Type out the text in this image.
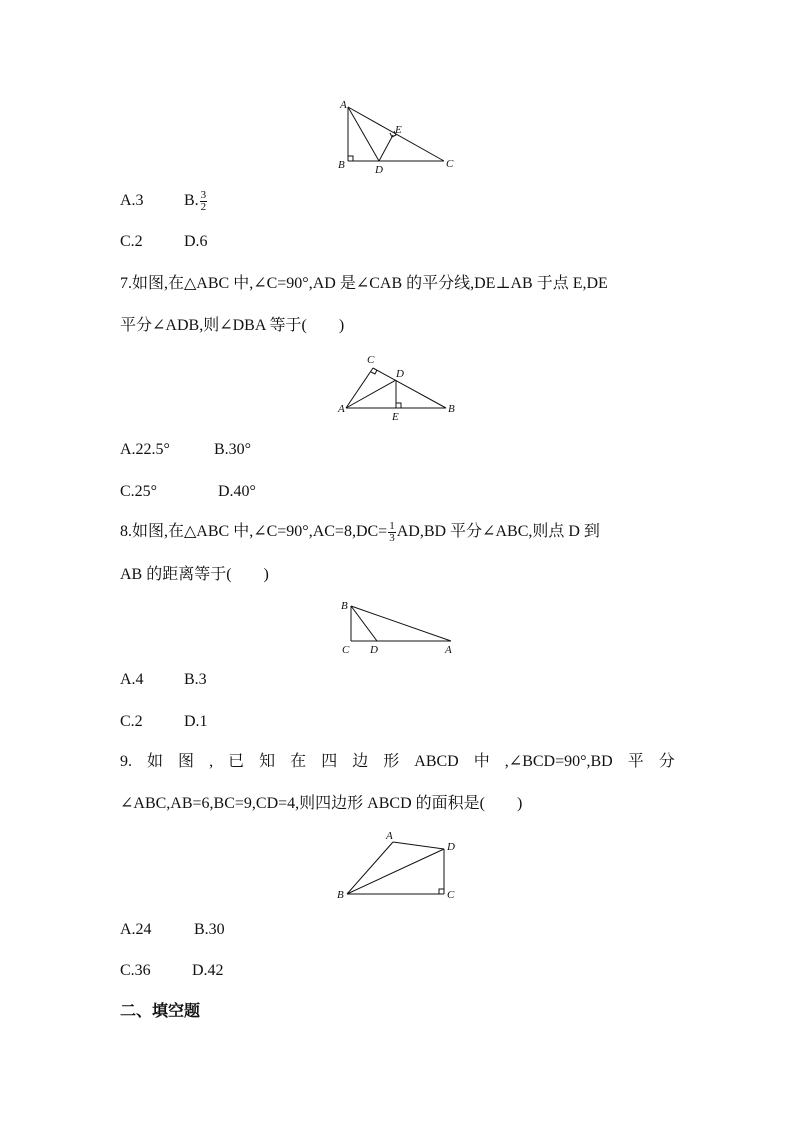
A
E
B	D	C
A.3	B. $\frac{3}{2}$
C.2	D.6
7.如图,在△ABC 中,∠C=90°,AD 是∠CAB 的平分线,DE⊥AB 于点 E,DE
平分∠ADB,则∠DBA 等于(　　)
C
D
A
E
B
A.22.5°	B.30°
C.25°	D.40°
8.如图,在△ABC 中,∠C=90°,AC=8,DC= $\frac{1}{3} AD,BD$ 平分∠ABC,则点 D 到
AB 的距离等于(　　)
B
C D	A
A.4	B.3
C.2	D.1
9. 如 图 , 已 知 在 四 边 形 ABCD 中 ,∠BCD=90°,BD 平 分
∠ABC,AB=6,BC=9,CD=4,则四边形 ABCD 的面积是(　　)
A
D
B	C
A.24	B.30
C.36	D.42
二、填空题
